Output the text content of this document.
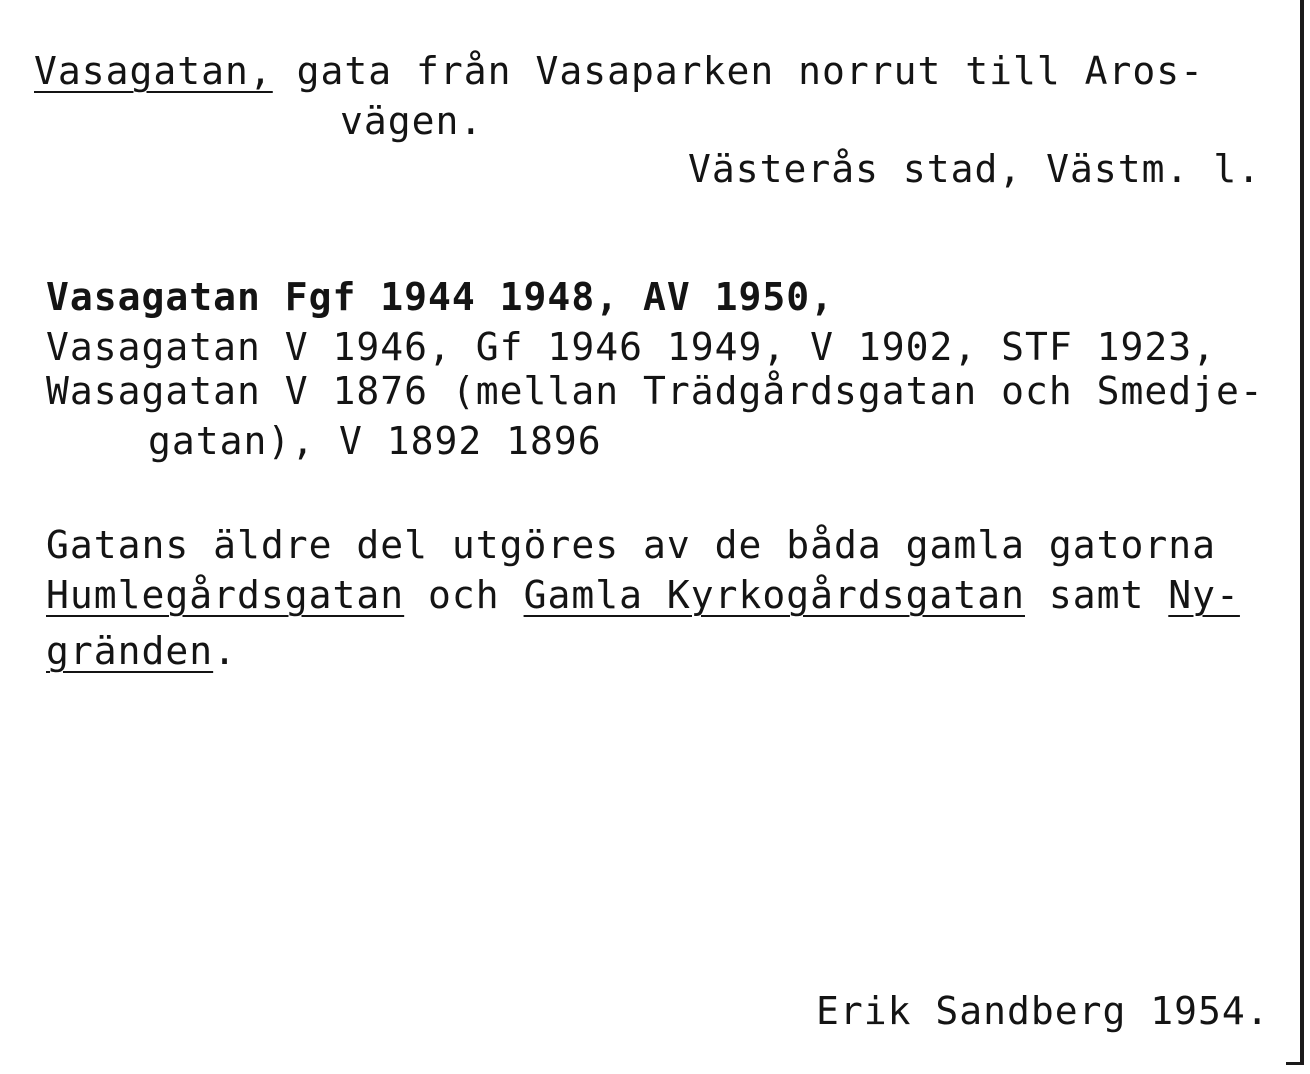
Vasagatan, gata från Vasaparken norrut till Aros-
vägen.
Västerås stad, Västm. l.
Vasagatan Fgf 1944 1948, AV 1950,
Vasagatan V 1946, Gf 1946 1949, V 1902, STF 1923,
Wasagatan V 1876 (mellan Trädgårdsgatan och Smedje-
gatan), V 1892 1896
Gatans äldre del utgöres av de båda gamla gatorna
Humlegårdsgatan och Gamla Kyrkogårdsgatan samt Ny-
gränden.
Erik Sandberg 1954.
